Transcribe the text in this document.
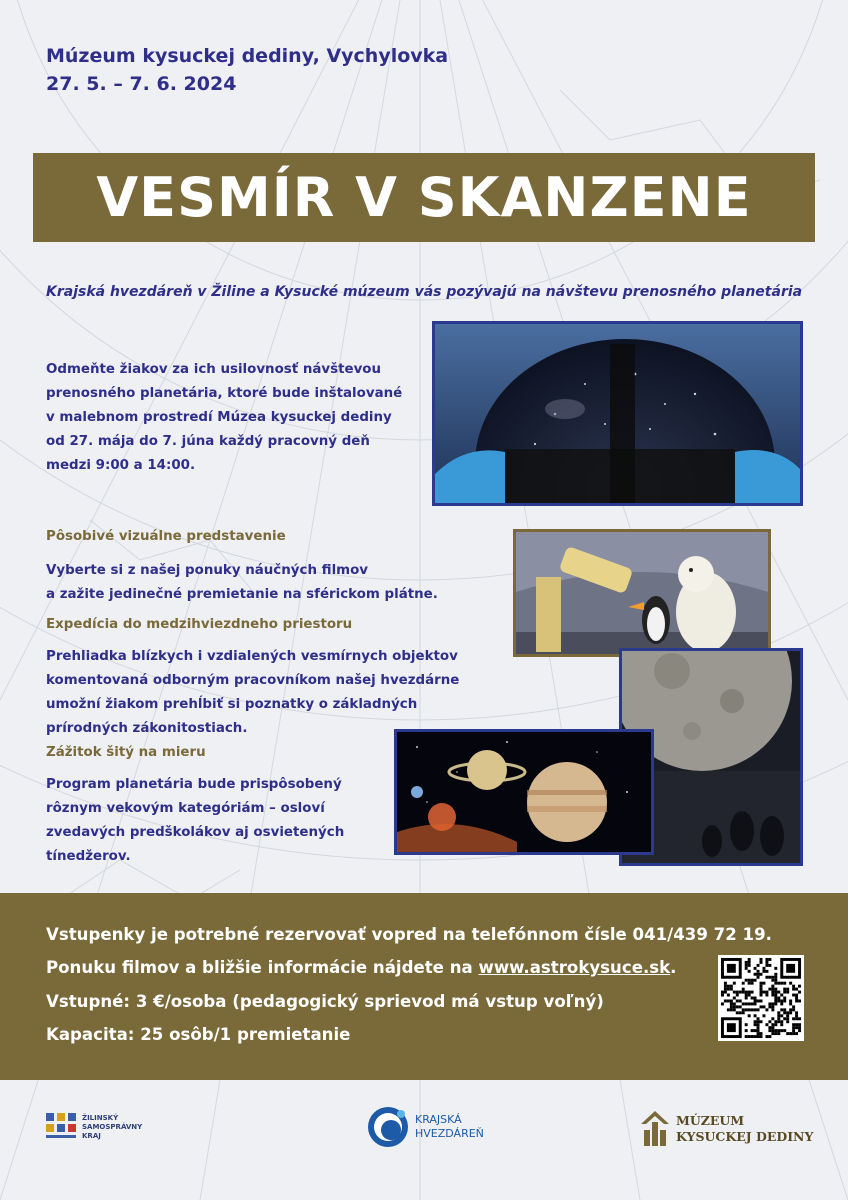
Múzeum kysuckej dediny, Vychylovka
27. 5. – 7. 6. 2024
VESMÍR V SKANZENE
Krajská hvezdáreň v Žiline a Kysucké múzeum vás pozývajú na návštevu prenosného planetária
Odmeňte žiakov za ich usilovnosť návštevou
prenosného planetária, ktoré bude inštalované
v malebnom prostredí Múzea kysuckej dediny
od 27. mája do 7. júna každý pracovný deň
medzi 9:00 a 14:00.
Pôsobivé vizuálne predstavenie
Vyberte si z našej ponuky náučných filmov
a zažite jedinečné premietanie na sférickom plátne.
Expedícia do medzihviezdneho priestoru
Prehliadka blízkych i vzdialených vesmírnych objektov
komentovaná odborným pracovníkom našej hvezdárne
umožní žiakom prehĺbiť si poznatky o základných
prírodných zákonitostiach.
Zážitok šitý na mieru
Program planetária bude prispôsobený
rôznym vekovým kategóriám – osloví
zvedavých predškolákov aj osvietených
tínedžerov.
Vstupenky je potrebné rezervovať vopred na telefónnom čísle 041/439 72 19.
Ponuku filmov a bližšie informácie nájdete na www.astrokysuce.sk.
Vstupné: 3 €/osoba (pedagogický sprievod má vstup voľný)
Kapacita: 25 osôb/1 premietanie
ŽILINSKÝ
SAMOSPRÁVNY
KRAJ
KRAJSKÁ
HVEZDÁREŇ
MÚZEUM
KYSUCKEJ DEDINY
